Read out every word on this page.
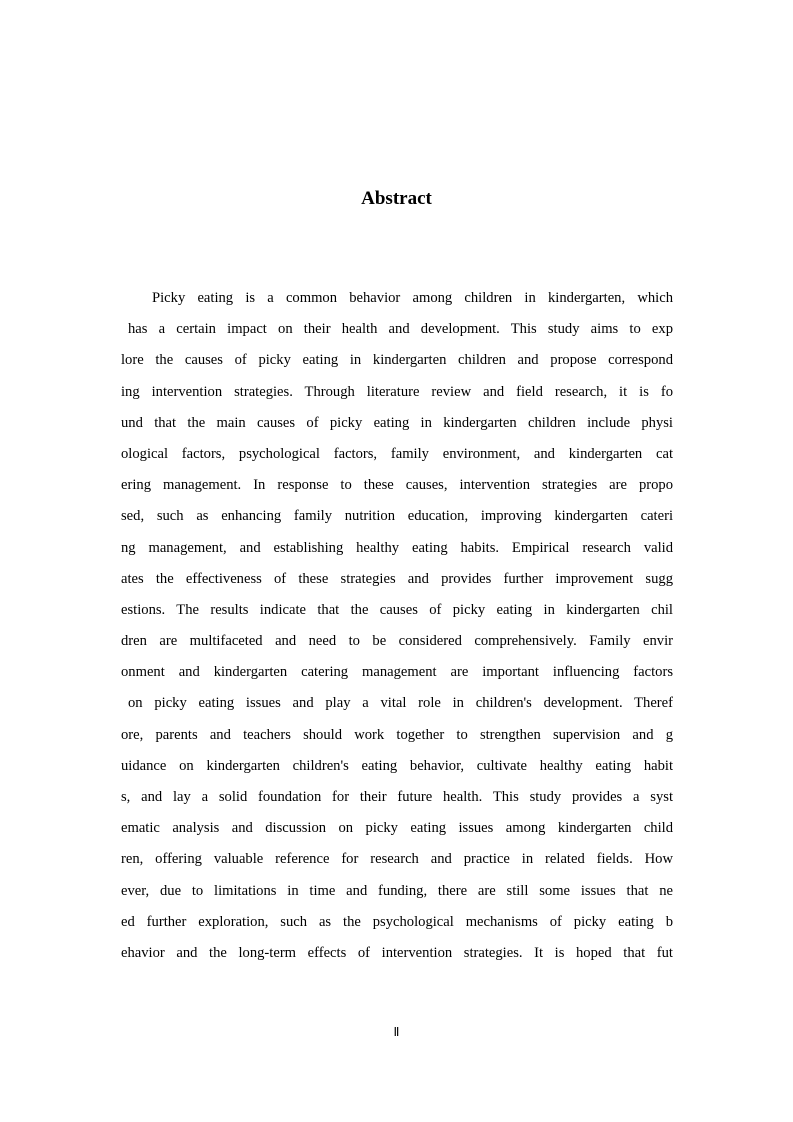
Abstract
Picky eating is a common behavior among children in kindergarten, which
has a certain impact on their health and development. This study aims to exp
lore the causes of picky eating in kindergarten children and propose correspond
ing intervention strategies. Through literature review and field research, it is fo
und that the main causes of picky eating in kindergarten children include physi
ological factors, psychological factors, family environment, and kindergarten cat
ering management. In response to these causes, intervention strategies are propo
sed, such as enhancing family nutrition education, improving kindergarten cateri
ng management, and establishing healthy eating habits. Empirical research valid
ates the effectiveness of these strategies and provides further improvement sugg
estions. The results indicate that the causes of picky eating in kindergarten chil
dren are multifaceted and need to be considered comprehensively. Family envir
onment and kindergarten catering management are important influencing factors
on picky eating issues and play a vital role in children's development. Theref
ore, parents and teachers should work together to strengthen supervision and g
uidance on kindergarten children's eating behavior, cultivate healthy eating habit
s, and lay a solid foundation for their future health. This study provides a syst
ematic analysis and discussion on picky eating issues among kindergarten child
ren, offering valuable reference for research and practice in related fields. How
ever, due to limitations in time and funding, there are still some issues that ne
ed further exploration, such as the psychological mechanisms of picky eating b
ehavior and the long-term effects of intervention strategies. It is hoped that fut
Ⅱ
